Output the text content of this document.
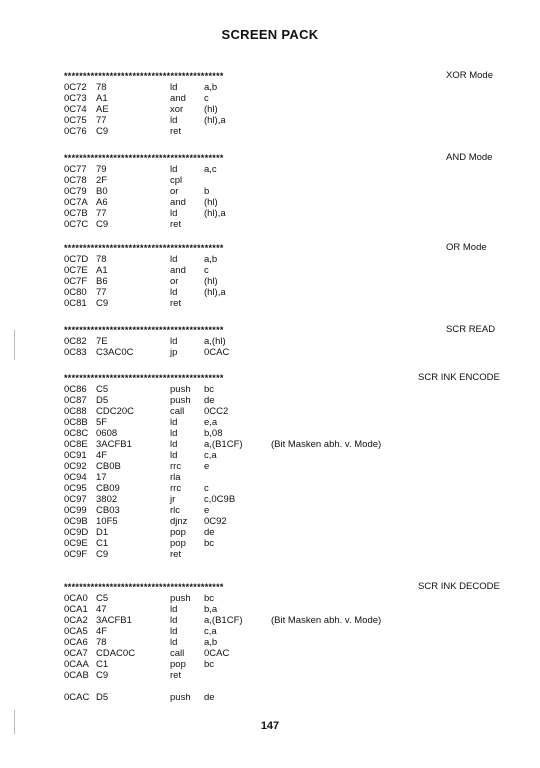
SCREEN PACK
******************************************	XOR Mode
0C72 78	ld	a,b
0C73 A1	and c
0C74 AE	xor (hl)
0C75 77	ld	(hl),a
0C76 C9	ret
******************************************	AND Mode
0C77 79	ld	a,c
0C78 2F	cpl
0C79 B0	or	b
0C7A A6	and (hl)
0C7B 77	ld	(hl),a
0C7C C9	ret
******************************************	OR Mode
0C7D 78	ld	a,b
0C7E A1	and c
0C7F B6	or	(hl)
0C80 77	ld	(hl),a
0C81 C9	ret
******************************************	SCR READ
0C82 7E	ld	a,(hl)
0C83 C3AC0C	jp	0CAC
******************************************	SCR INK ENCODE
0C86 C5	push bc
0C87 D5	push de
0C88 CDC20C	call 0CC2
0C8B 5F	ld	e,a
0C8C 0608	ld	b,08
0C8E 3ACFB1	ld	a,(B1CF)	(Bit Masken abh. v. Mode)
0C91 4F	ld	c,a
0C92 CB0B	rrc e
0C94 17	rla
0C95 CB09	rrc c
0C97 3802	jr	c,0C9B
0C99 CB03	rlc	e
0C9B 10F5	djnz 0C92
0C9D D1	pop de
0C9E C1	pop bc
0C9F C9	ret
******************************************	SCR INK DECODE
0CA0 C5	push bc
0CA1 47	ld	b,a
0CA2 3ACFB1	ld	a,(B1CF)	(Bit Masken abh. v. Mode)
0CA5 4F	ld	c,a
0CA6 78	ld	a,b
0CA7 CDAC0C	call 0CAC
0CAA C1	pop bc
0CAB C9	ret
0CAC D5	push de
147
